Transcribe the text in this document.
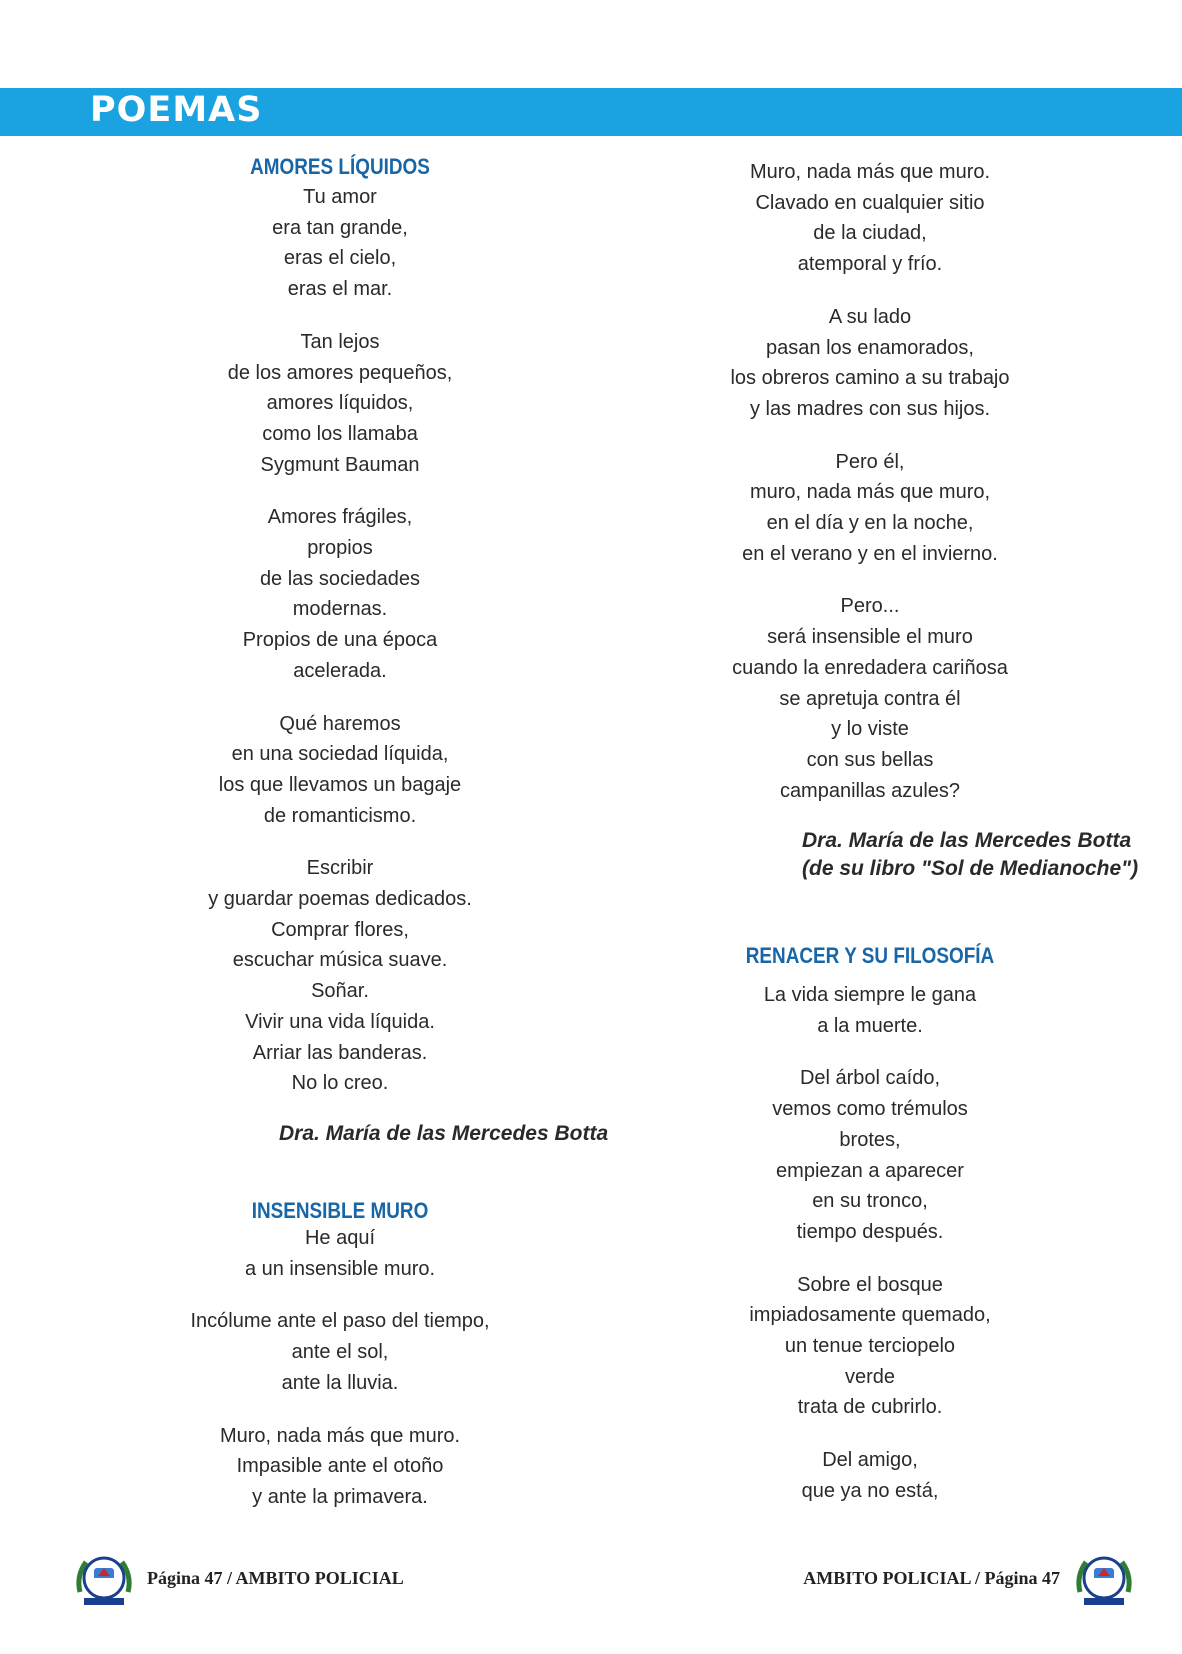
POEMAS
AMORES LÍQUIDOS
Tu amor
era tan grande,
eras el cielo,
eras el mar.
Tan lejos
de los amores pequeños,
amores líquidos,
como los llamaba
Sygmunt Bauman
Amores frágiles,
propios
de las sociedades
modernas.
Propios de una época
acelerada.
Qué haremos
en una sociedad líquida,
los que llevamos un bagaje
de romanticismo.
Escribir
y guardar poemas dedicados.
Comprar flores,
escuchar música suave.
Soñar.
Vivir una vida líquida.
Arriar las banderas.
No lo creo.
Dra. María de las Mercedes Botta
INSENSIBLE MURO
He aquí
a un insensible muro.
Incólume ante el paso del tiempo,
ante el sol,
ante la lluvia.
Muro, nada más que muro.
Impasible ante el otoño
y ante la primavera.
Muro, nada más que muro.
Clavado en cualquier sitio
de la ciudad,
atemporal y frío.
A su lado
pasan los enamorados,
los obreros camino a su trabajo
y las madres con sus hijos.
Pero él,
muro, nada más que muro,
en el día y en la noche,
en el verano y en el invierno.
Pero...
será insensible el muro
cuando la enredadera cariñosa
se apretuja contra él
y lo viste
con sus bellas
campanillas azules?
Dra. María de las Mercedes Botta
(de su libro "Sol de Medianoche")
RENACER Y SU FILOSOFÍA
La vida siempre le gana
a la muerte.
Del árbol caído,
vemos como trémulos
brotes,
empiezan a aparecer
en su tronco,
tiempo después.
Sobre el bosque
impiadosamente quemado,
un tenue terciopelo
verde
trata de cubrirlo.
Del amigo,
que ya no está,
Página 47 / AMBITO POLICIAL	AMBITO POLICIAL / Página 47
